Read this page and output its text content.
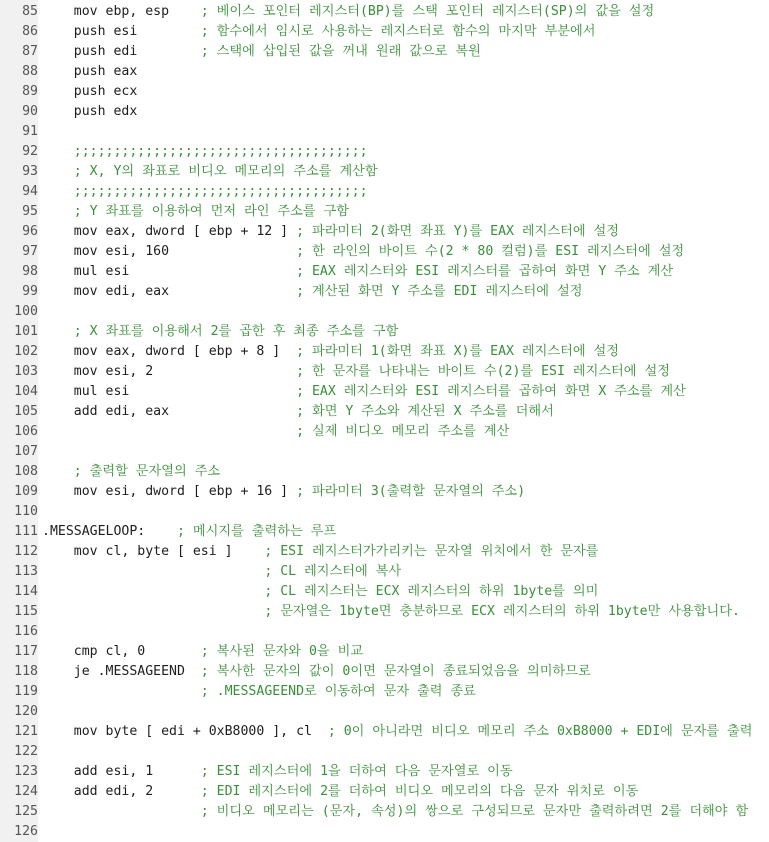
85 mov ebp, esp    ; 베이스 포인터 레지스터(BP)를 스택 포인터 레지스터(SP)의 값을 설정
86 push esi        ; 함수에서 임시로 사용하는 레지스터로 함수의 마지막 부분에서
87 push edi        ; 스택에 삽입된 값을 꺼내 원래 값으로 복원
88 push eax
89 push ecx
90 push edx
91
92	;;;;;;;;;;;;;;;;;;;;;;;;;;;;;;;;;;;;;
93	; X, Y의 좌표로 비디오 메모리의 주소를 계산함
94	;;;;;;;;;;;;;;;;;;;;;;;;;;;;;;;;;;;;;
95	; Y 좌표를 이용하여 먼저 라인 주소를 구함
96 mov eax, dword [ ebp + 12 ] ; 파라미터 2(화면 좌표 Y)를 EAX 레지스터에 설정
97 mov esi, 160                ; 한 라인의 바이트 수(2 * 80 컬럼)를 ESI 레지스터에 설정
98 mul esi                     ; EAX 레지스터와 ESI 레지스터를 곱하여 화면 Y 주소 계산
99 mov edi, eax                ; 계산된 화면 Y 주소를 EDI 레지스터에 설정
100
101	; X 좌표를 이용해서 2를 곱한 후 최종 주소를 구함
102 mov eax, dword [ ebp + 8 ]  ; 파라미터 1(화면 좌표 X)를 EAX 레지스터에 설정
103 mov esi, 2                  ; 한 문자를 나타내는 바이트 수(2)를 ESI 레지스터에 설정
104 mul esi                     ; EAX 레지스터와 ESI 레지스터를 곱하여 화면 X 주소를 계산
105 add edi, eax                ; 화면 Y 주소와 계산된 X 주소를 더해서
106	; 실제 비디오 메모리 주소를 계산
107
108	; 출력할 문자열의 주소
109 mov esi, dword [ ebp + 16 ] ; 파라미터 3(출력할 문자열의 주소)
110
111 .MESSAGELOOP:    ; 메시지를 출력하는 루프
112 mov cl, byte [ esi ]    ; ESI 레지스터가가리키는 문자열 위치에서 한 문자를
113	; CL 레지스터에 복사
114	; CL 레지스터는 ECX 레지스터의 하위 1byte를 의미
115	; 문자열은 1byte면 충분하므로 ECX 레지스터의 하위 1byte만 사용합니다.
116
117 cmp cl, 0       ; 복사된 문자와 0을 비교
118 je .MESSAGEEND  ; 복사한 문자의 값이 0이면 문자열이 종료되었음을 의미하므로
119	; .MESSAGEEND로 이동하여 문자 출력 종료
120
121 mov byte [ edi + 0xB8000 ], cl  ; 0이 아니라면 비디오 메모리 주소 0xB8000 + EDI에 문자를 출력
122
123 add esi, 1      ; ESI 레지스터에 1을 더하여 다음 문자열로 이동
124 add edi, 2      ; EDI 레지스터에 2를 더하여 비디오 메모리의 다음 문자 위치로 이동
125	; 비디오 메모리는 (문자, 속성)의 쌍으로 구성되므로 문자만 출력하려면 2를 더해야 함
126
